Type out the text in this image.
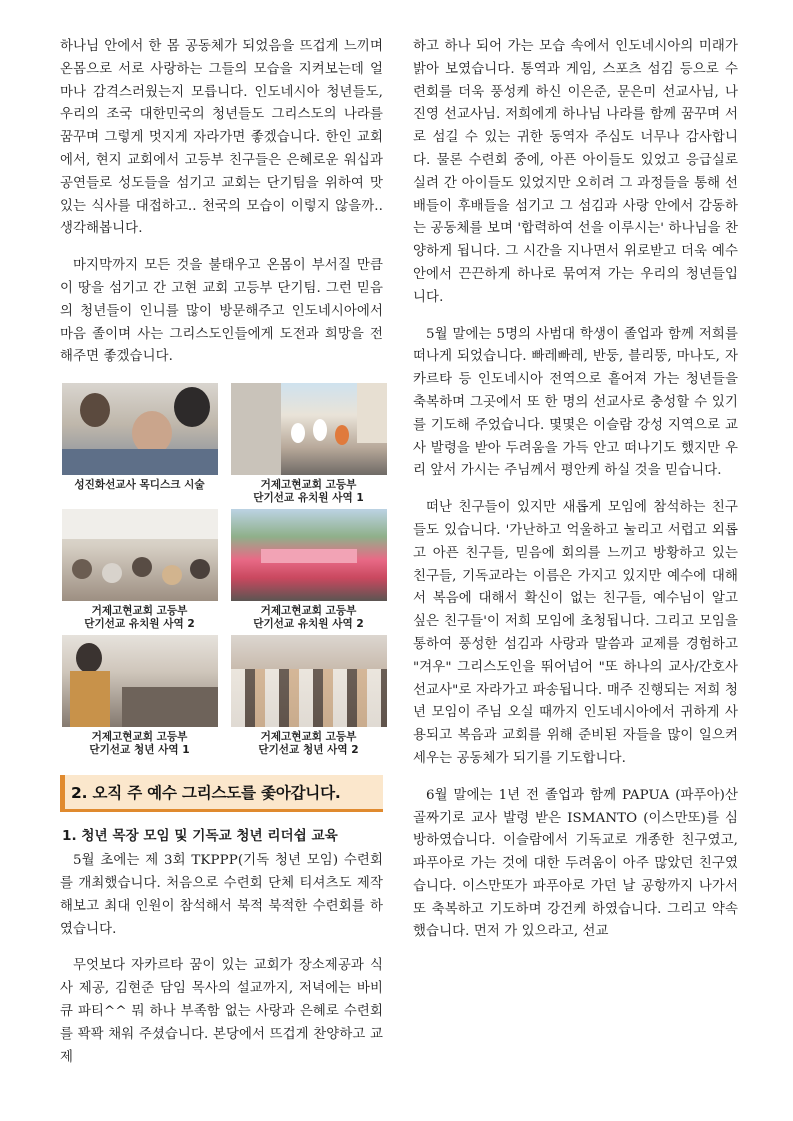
하나님 안에서 한 몸 공동체가 되었음을 뜨겁게 느끼며 온몸으로 서로 사랑하는 그들의 모습을 지켜보는데 얼마나 감격스러웠는지 모릅니다. 인도네시아 청년들도, 우리의 조국 대한민국의 청년들도 그리스도의 나라를 꿈꾸며 그렇게 멋지게 자라가면 좋겠습니다. 한인 교회에서, 현지 교회에서 고등부 친구들은 은혜로운 워십과 공연들로 성도들을 섬기고 교회는 단기팀을 위하여 맛있는 식사를 대접하고.. 천국의 모습이 이렇지 않을까..생각해봅니다.

마지막까지 모든 것을 불태우고 온몸이 부서질 만큼 이 땅을 섬기고 간 고현 교회 고등부 단기팀. 그런 믿음의 청년들이 인니를 많이 방문해주고 인도네시아에서 마음 졸이며 사는 그리스도인들에게 도전과 희망을 전해주면 좋겠습니다.

성진화선교사 목디스크 시술	거제고현교회 고등부
단기선교 유치원 사역 1
거제고현교회 고등부
단기선교 유치원 사역 2
거제고현교회 고등부
단기선교 유치원 사역 2
거제고현교회 고등부
단기선교 청년 사역 1
거제고현교회 고등부
단기선교 청년 사역 2
2. 오직 주 예수 그리스도를 좇아갑니다.
1. 청년 목장 모임 및 기독교 청년 리더쉽 교육

5월 초에는 제 3회 TKPPP(기독 청년 모임) 수련회를 개최했습니다. 처음으로 수련회 단체 티셔츠도 제작해보고 최대 인원이 참석해서 북적 북적한 수련회를 하였습니다.

무엇보다 자카르타 꿈이 있는 교회가 장소제공과 식사 제공, 김현준 담임 목사의 설교까지, 저녁에는 바비큐 파티^^ 뭐 하나 부족함 없는 사랑과 은혜로 수련회를 꽉꽉 채워 주셨습니다. 본당에서 뜨겁게 찬양하고 교제

하고 하나 되어 가는 모습 속에서 인도네시아의 미래가 밝아 보였습니다. 통역과 게임, 스포츠 섬김 등으로 수련회를 더욱 풍성케 하신 이은준, 문은미 선교사님, 나진영 선교사님. 저희에게 하나님 나라를 함께 꿈꾸며 서로 섬길 수 있는 귀한 동역자 주심도 너무나 감사합니다. 물론 수련회 중에, 아픈 아이들도 있었고 응급실로 실려 간 아이들도 있었지만 오히려 그 과정들을 통해 선배들이 후배들을 섬기고 그 섬김과 사랑 안에서 감동하는 공동체를 보며 '합력하여 선을 이루시는' 하나님을 찬양하게 됩니다. 그 시간을 지나면서 위로받고 더욱 예수 안에서 끈끈하게 하나로 묶여져 가는 우리의 청년들입니다.

5월 말에는 5명의 사범대 학생이 졸업과 함께 저희를 떠나게 되었습니다. 빠레빠레, 반둥, 블리뚱, 마나도, 자카르타 등 인도네시아 전역으로 흩어져 가는 청년들을 축복하며 그곳에서 또 한 명의 선교사로 충성할 수 있기를 기도해 주었습니다. 몇몇은 이슬람 강성 지역으로 교사 발령을 받아 두려움을 가득 안고 떠나기도 했지만 우리 앞서 가시는 주님께서 평안케 하실 것을 믿습니다.

떠난 친구들이 있지만 새롭게 모임에 참석하는 친구들도 있습니다. '가난하고 억울하고 눌리고 서럽고 외롭고 아픈 친구들, 믿음에 회의를 느끼고 방황하고 있는 친구들, 기독교라는 이름은 가지고 있지만 예수에 대해서 복음에 대해서 확신이 없는 친구들, 예수님이 알고 싶은 친구들'이 저희 모임에 초청됩니다. 그리고 모임을 통하여 풍성한 섬김과 사랑과 말씀과 교제를 경험하고 "겨우" 그리스도인을 뛰어넘어 "또 하나의 교사/간호사 선교사"로 자라가고 파송됩니다. 매주 진행되는 저희 청년 모임이 주님 오실 때까지 인도네시아에서 귀하게 사용되고 복음과 교회를 위해 준비된 자들을 많이 일으켜 세우는 공동체가 되기를 기도합니다.

6월 말에는 1년 전 졸업과 함께 PAPUA (파푸아)산골짜기로 교사 발령 받은 ISMANTO (이스만또)를 심방하였습니다. 이슬람에서 기독교로 개종한 친구였고, 파푸아로 가는 것에 대한 두려움이 아주 많았던 친구였습니다. 이스만또가 파푸아로 가던 날 공항까지 나가서 또 축복하고 기도하며 강건케 하였습니다. 그리고 약속했습니다. 먼저 가 있으라고, 선교
